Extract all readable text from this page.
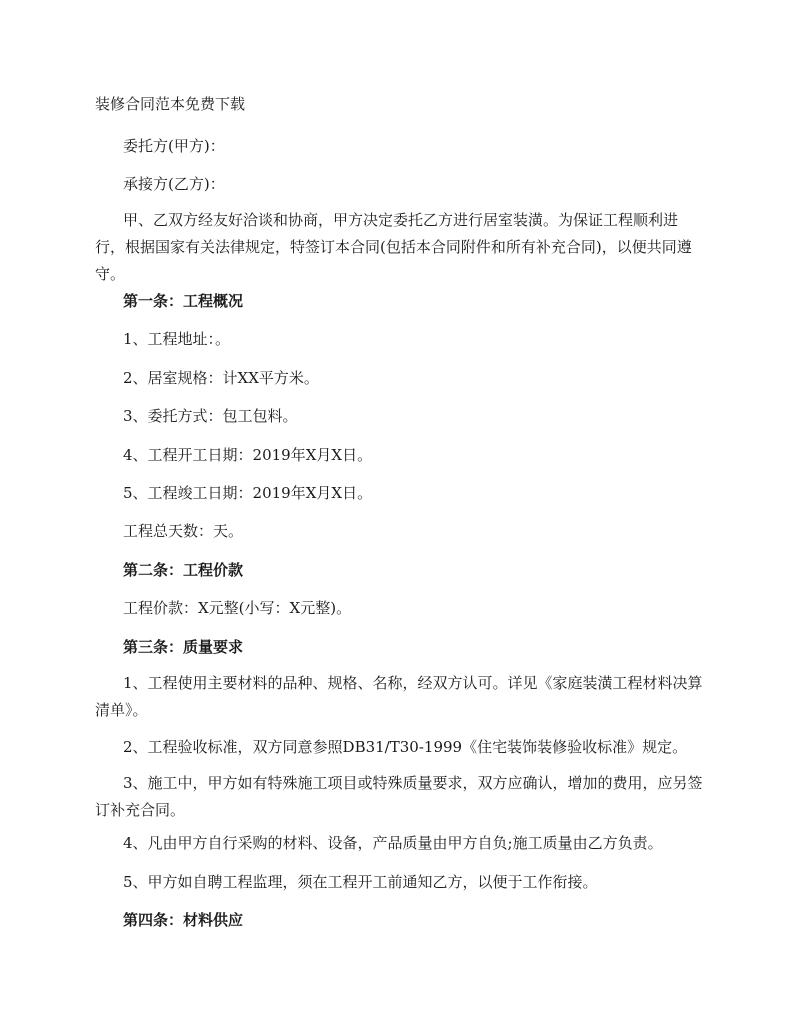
装修合同范本免费下载
委托方(甲方)：
承接方(乙方)：
甲、乙双方经友好洽谈和协商，甲方决定委托乙方进行居室装潢。为保证工程顺利进行，根据国家有关法律规定，特签订本合同(包括本合同附件和所有补充合同)，以便共同遵守。
第一条：工程概况
1、工程地址：。
2、居室规格：计XX平方米。
3、委托方式：包工包料。
4、工程开工日期：2019年X月X日。
5、工程竣工日期：2019年X月X日。
工程总天数：天。
第二条：工程价款
工程价款：X元整(小写：X元整)。
第三条：质量要求
1、工程使用主要材料的品种、规格、名称，经双方认可。详见《家庭装潢工程材料决算清单》。
2、工程验收标准，双方同意参照DB31/T30-1999《住宅装饰装修验收标准》规定。
3、施工中，甲方如有特殊施工项目或特殊质量要求，双方应确认，增加的费用，应另签订补充合同。
4、凡由甲方自行采购的材料、设备，产品质量由甲方自负;施工质量由乙方负责。
5、甲方如自聘工程监理，须在工程开工前通知乙方，以便于工作衔接。
第四条：材料供应
